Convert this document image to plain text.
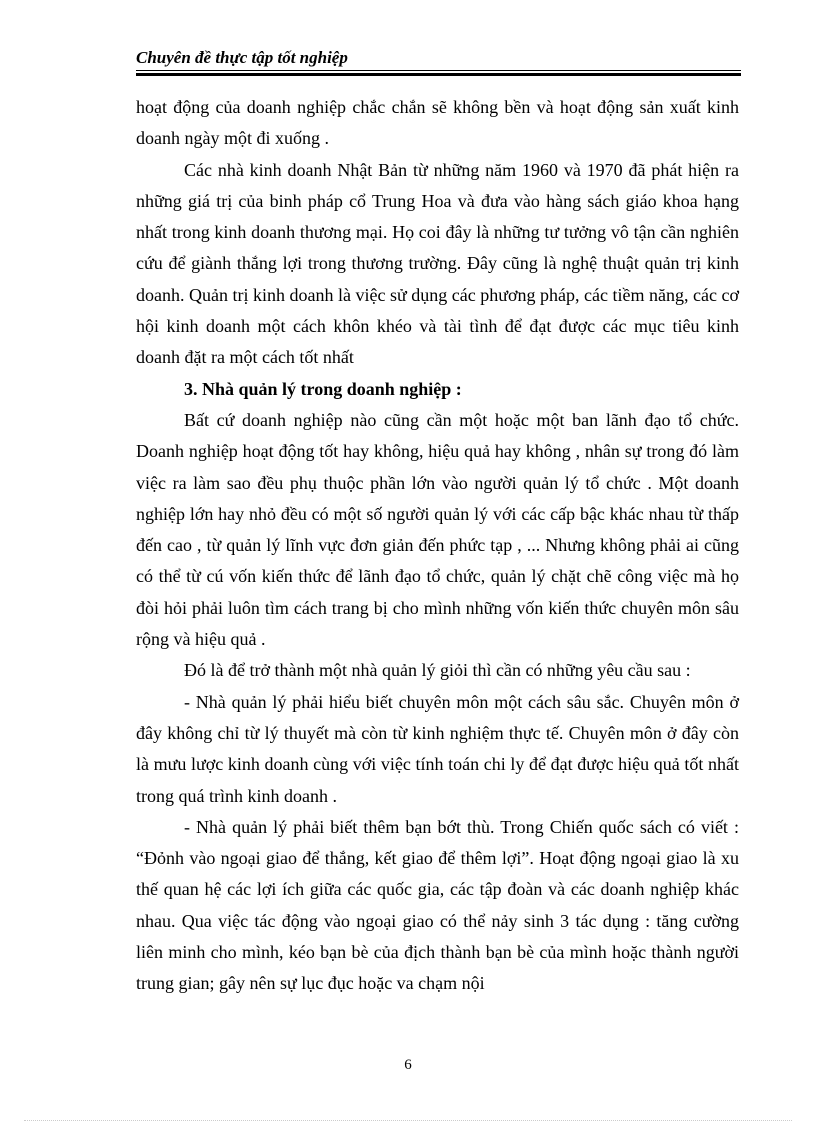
Chuyên đề thực tập tốt nghiệp

hoạt động của doanh nghiệp chắc chắn sẽ không bền và hoạt động sản xuất kinh doanh ngày một đi xuống .

Các nhà kinh doanh Nhật Bản từ những năm 1960 và 1970 đã phát hiện ra những giá trị của binh pháp cổ Trung Hoa và đưa vào hàng sách giáo khoa hạng nhất trong kinh doanh thương mại. Họ coi đây là những tư tưởng vô tận cần nghiên cứu để giành thắng lợi trong thương trường. Đây cũng là nghệ thuật quản trị kinh doanh. Quản trị kinh doanh là việc sử dụng các phương pháp, các tiềm năng, các cơ hội kinh doanh một cách khôn khéo và tài tình để đạt được các mục tiêu kinh doanh đặt ra một cách tốt nhất

3. Nhà quản lý trong doanh nghiệp :

Bất cứ doanh nghiệp nào cũng cần một hoặc một ban lãnh đạo tổ chức. Doanh nghiệp hoạt động tốt hay không, hiệu quả hay không , nhân sự trong đó làm việc ra làm sao đều phụ thuộc phần lớn vào người quản lý tổ chức . Một doanh nghiệp lớn hay nhỏ đều có một số người quản lý với các cấp bậc khác nhau từ thấp đến cao , từ quản lý lĩnh vực đơn giản đến phức tạp , ... Nhưng không phải ai cũng có thể từ cú vốn kiến thức để lãnh đạo tổ chức, quản lý chặt chẽ công việc mà họ đòi hỏi phải luôn tìm cách trang bị cho mình những vốn kiến thức chuyên môn sâu rộng và hiệu quả .

Đó là để trở thành một nhà quản lý giỏi thì cần có những yêu cầu sau :

- Nhà quản lý phải hiểu biết chuyên môn một cách sâu sắc. Chuyên môn ở đây không chỉ từ lý thuyết mà còn từ kinh nghiệm thực tế. Chuyên môn ở đây còn là mưu lược kinh doanh cùng với việc tính toán chi ly để đạt được hiệu quả tốt nhất trong quá trình kinh doanh .

- Nhà quản lý phải biết thêm bạn bớt thù. Trong Chiến quốc sách có viết : “Đỏnh vào ngoại giao để thắng, kết giao để thêm lợi”. Hoạt động ngoại giao là xu thế quan hệ các lợi ích giữa các quốc gia, các tập đoàn và các doanh nghiệp khác nhau. Qua việc tác động vào ngoại giao có thể nảy sinh 3 tác dụng : tăng cường liên minh cho mình, kéo bạn bè của địch thành bạn bè của mình hoặc thành người trung gian; gây nên sự lục đục hoặc va chạm nội

6
